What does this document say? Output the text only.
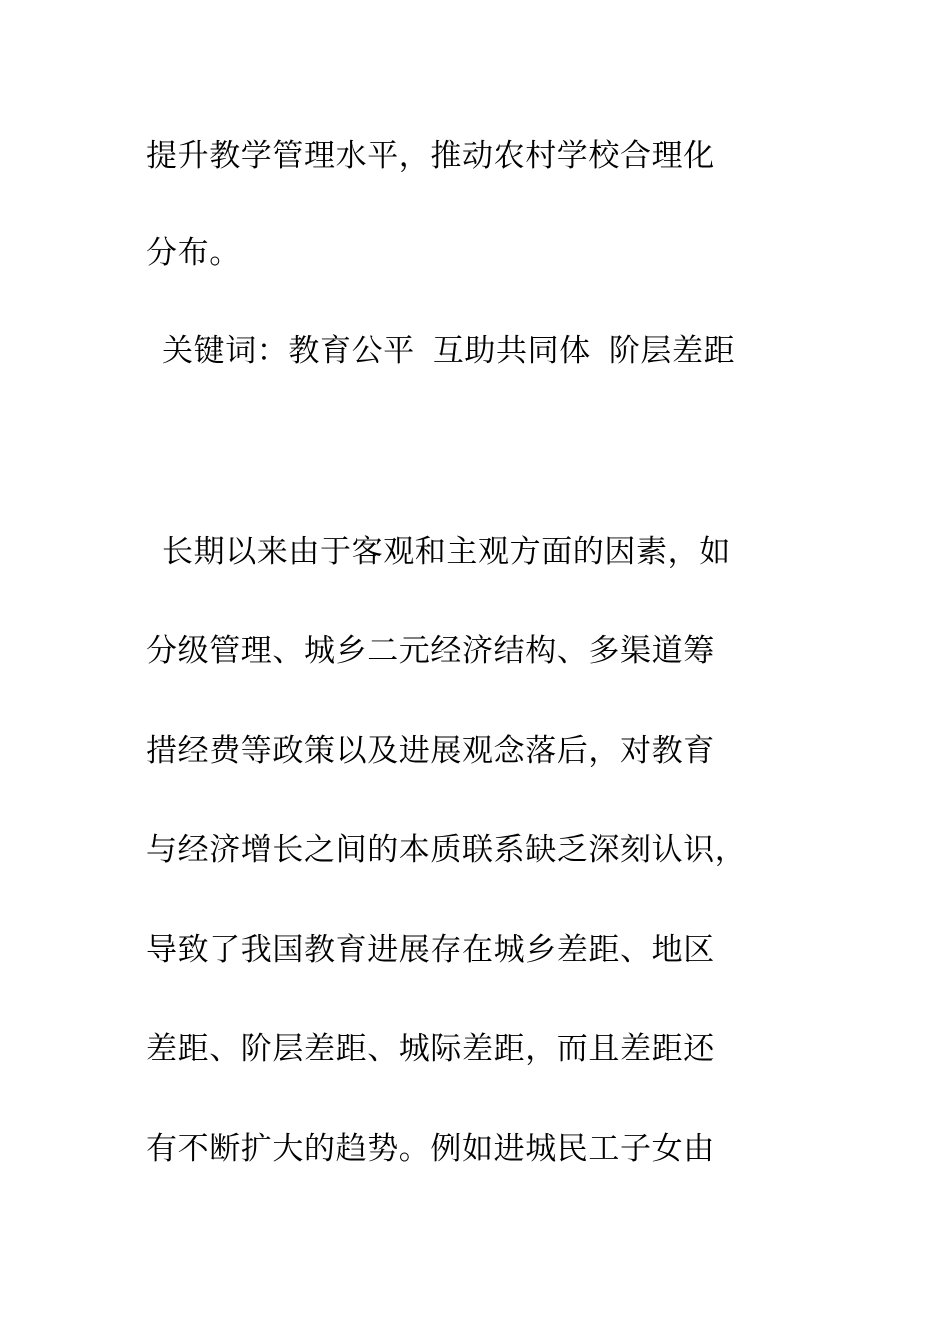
提升教学管理水平，推动农村学校合理化
分布。
关键词：教育公平 互助共同体 阶层差距
长期以来由于客观和主观方面的因素，如
分级管理、城乡二元经济结构、多渠道筹
措经费等政策以及进展观念落后，对教育
与经济增长之间的本质联系缺乏深刻认识，
导致了我国教育进展存在城乡差距、地区
差距、阶层差距、城际差距，而且差距还
有不断扩大的趋势。例如进城民工子女由
